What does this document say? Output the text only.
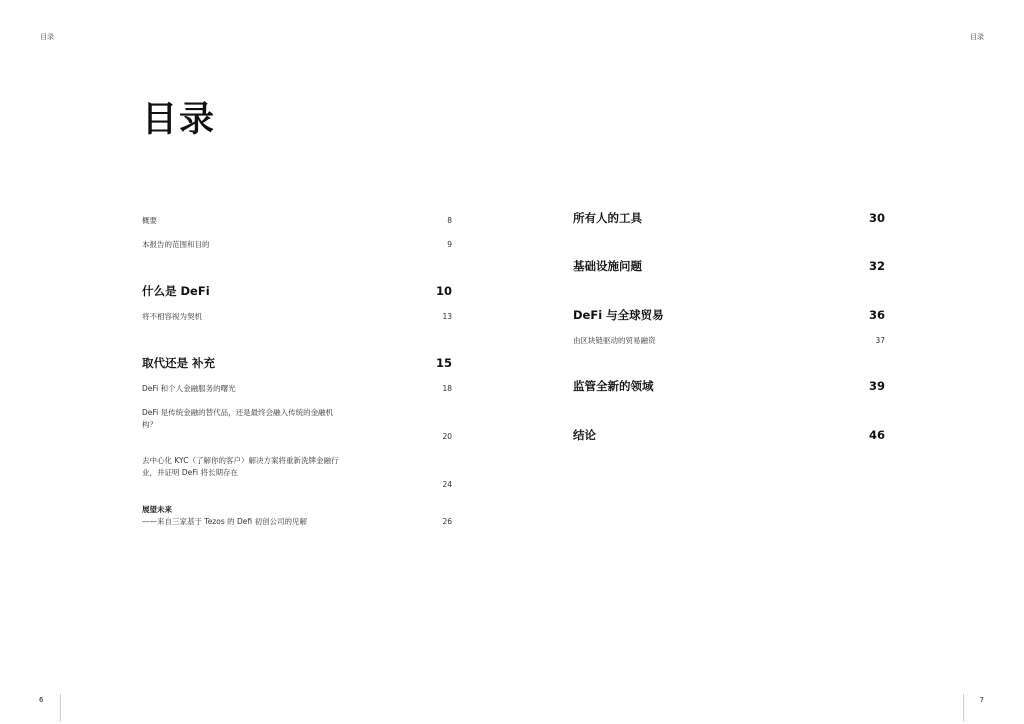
目录	目录
目录
概要	8
本报告的范围和目的	9
什么是 DeFi	10
将不相容视为契机	13
取代还是 补充	15
DeFi 和个人金融服务的曙光	18
DeFi 是传统金融的替代品，还是最终会融入传统的金融机构？
20
去中心化 KYC（了解你的客户）解决方案将重新洗牌金融行业，并证明 DeFi 将长期存在
24
展望未来
——来自三家基于 Tezos 的 Defi 初创公司的见解	26
所有人的工具	30
基础设施问题	32
DeFi 与全球贸易	36
由区块链驱动的贸易融资	37
监管全新的领域	39
结论	46
6	7
